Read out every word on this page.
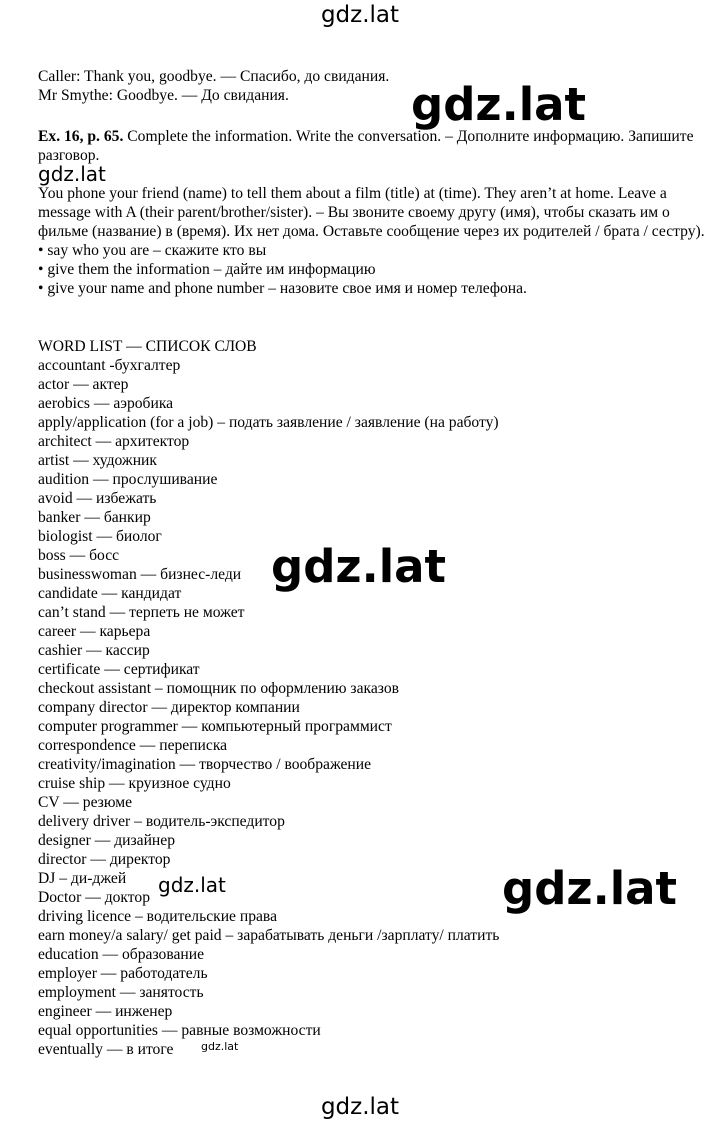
gdz.lat
Caller: Thank you, goodbye. — Спасибо, до свидания.
Mr Smythe: Goodbye. — До свидания.
Ex. 16, p. 65. Complete the information. Write the conversation. – Дополните информацию. Запишите разговор.
You phone your friend (name) to tell them about a film (title) at (time). They aren’t at home. Leave a message with A (their parent/brother/sister). – Вы звоните своему другу (имя), чтобы сказать им о фильме (название) в (время). Их нет дома. Оставьте сообщение через их родителей / брата / сестру).
• say who you are – скажите кто вы
• give them the information – дайте им информацию
• give your name and phone number – назовите свое имя и номер телефона.
WORD LIST — СПИСОК СЛОВ
accountant -бухгалтер
actor — актер
aerobics — аэробика
apply/application (for a job) – подать заявление / заявление (на работу)
architect — архитектор
artist — художник
audition — прослушивание
avoid — избежать
banker — банкир
biologist — биолог
boss — босс
businesswoman — бизнес-леди
candidate — кандидат
can’t stand — терпеть не может
career — карьера
cashier — кассир
certificate — сертификат
checkout assistant – помощник по оформлению заказов
company director — директор компании
computer programmer — компьютерный программист
correspondence — переписка
creativity/imagination — творчество / воображение
cruise ship — круизное судно
CV — резюме
delivery driver – водитель-экспедитор
designer — дизайнер
director — директор
DJ – ди-джей
Doctor — доктор
driving licence – водительские права
earn money/a salary/ get paid – зарабатывать деньги /зарплату/ платить
education — образование
employer — работодатель
employment — занятость
engineer — инженер
equal opportunities — равные возможности
eventually — в итоге
gdz.lat
gdz.lat
gdz.lat
gdz.lat	gdz.lat
gdz.lat
gdz.lat
